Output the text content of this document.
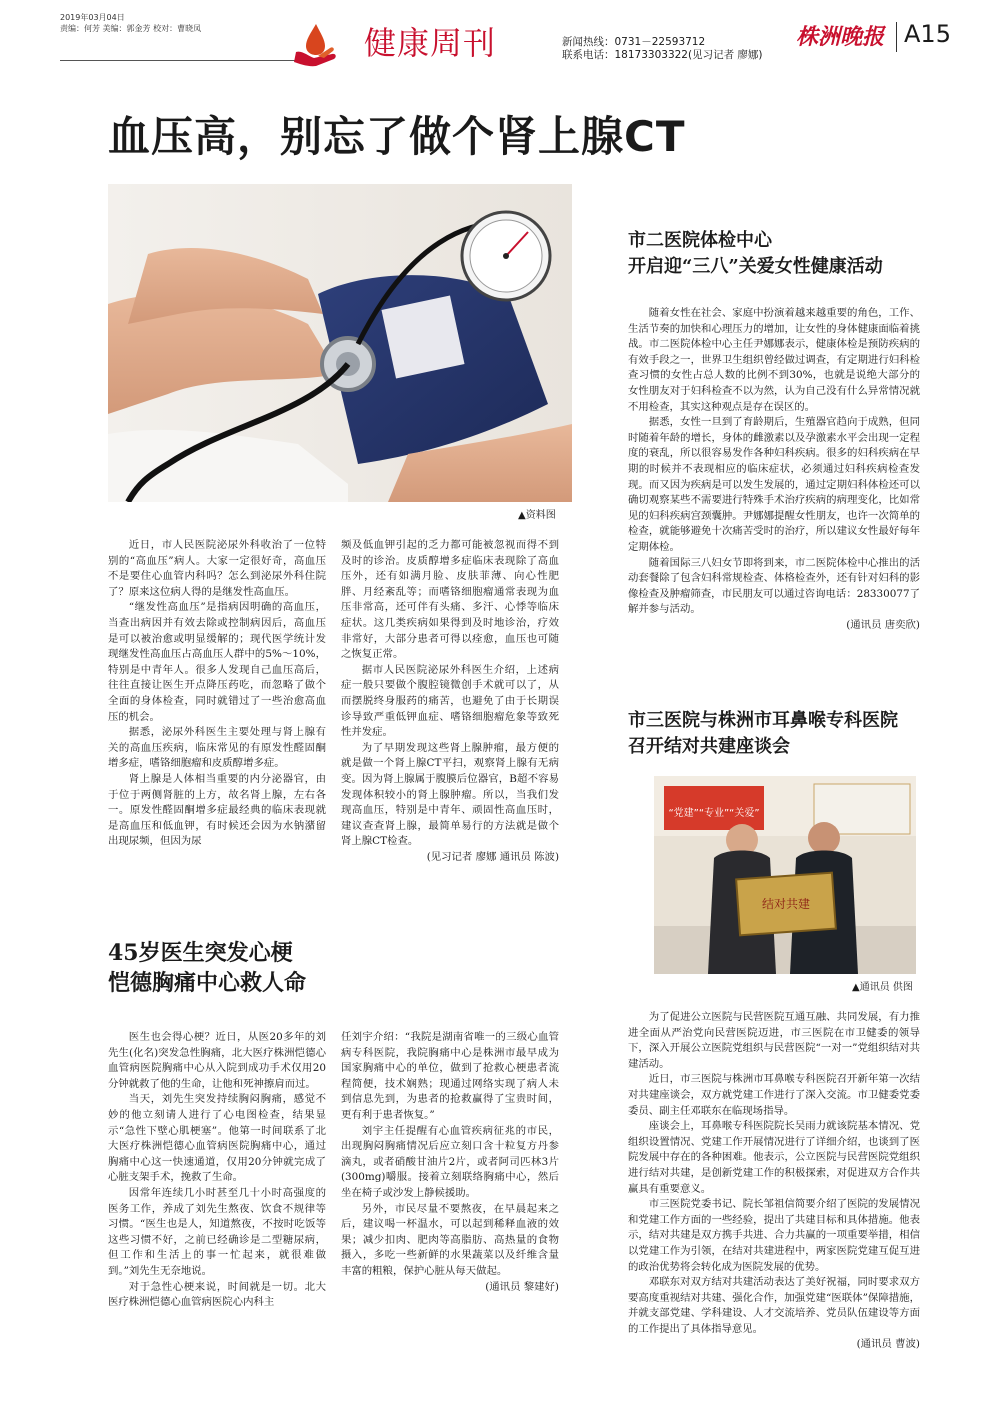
2019年03月04日
责编：何芳 美编：郭金芳 校对：曹晓凤	健康周刊	新闻热线：0731－22593712
联系电话：18173303322(见习记者 廖娜)
株洲晚报 A15
血压高，别忘了做个肾上腺CT
▲资料图

近日，市人民医院泌尿外科收治了一位特别的“高血压”病人。大家一定很好奇，高血压不是要住心血管内科吗？怎么到泌尿外科住院了？原来这位病人得的是继发性高血压。

“继发性高血压”是指病因明确的高血压，当查出病因并有效去除或控制病因后，高血压是可以被治愈或明显缓解的；现代医学统计发现继发性高血压占高血压人群中的5%～10%，特别是中青年人。很多人发现自己血压高后，往往直接让医生开点降压药吃，而忽略了做个全面的身体检查，同时就错过了一些治愈高血压的机会。

据悉，泌尿外科医生主要处理与肾上腺有关的高血压疾病，临床常见的有原发性醛固酮增多症，嗜铬细胞瘤和皮质醇增多症。

肾上腺是人体相当重要的内分泌器官，由于位于两侧肾脏的上方，故名肾上腺，左右各一。原发性醛固酮增多症最经典的临床表现就是高血压和低血钾，有时候还会因为水钠潴留出现尿频，但因为尿

频及低血钾引起的乏力都可能被忽视而得不到及时的诊治。皮质醇增多症临床表现除了高血压外，还有如满月脸、皮肤菲薄、向心性肥胖、月经紊乱等；而嗜铬细胞瘤通常表现为血压非常高，还可伴有头痛、多汗、心悸等临床症状。这几类疾病如果得到及时地诊治，疗效非常好，大部分患者可得以痊愈，血压也可随之恢复正常。

据市人民医院泌尿外科医生介绍，上述病症一般只要做个腹腔镜微创手术就可以了，从而摆脱终身服药的痛苦，也避免了由于长期误诊导致严重低钾血症、嗜铬细胞瘤危象等致死性并发症。

为了早期发现这些肾上腺肿瘤，最方便的就是做一个肾上腺CT平扫，观察肾上腺有无病变。因为肾上腺属于腹膜后位器官，B超不容易发现体积较小的肾上腺肿瘤。所以，当我们发现高血压，特别是中青年、顽固性高血压时，建议查查肾上腺，最简单易行的方法就是做个肾上腺CT检查。

(见习记者 廖娜 通讯员 陈波)

45岁医生突发心梗
恺德胸痛中心救人命

医生也会得心梗？近日，从医20多年的刘先生(化名)突发急性胸痛，北大医疗株洲恺德心血管病医院胸痛中心从入院到成功手术仅用20分钟就救了他的生命，让他和死神擦肩而过。

当天，刘先生突发持续胸闷胸痛，感觉不妙的他立刻请人进行了心电图检查，结果显示“急性下壁心肌梗塞”。他第一时间联系了北大医疗株洲恺德心血管病医院胸痛中心，通过胸痛中心这一快速通道，仅用20分钟就完成了心脏支架手术，挽救了生命。

因常年连续几小时甚至几十小时高强度的医务工作，养成了刘先生熬夜、饮食不规律等习惯。“医生也是人，知道熬夜，不按时吃饭等这些习惯不好，之前已经确诊是二型糖尿病，但工作和生活上的事一忙起来，就很难做到。”刘先生无奈地说。

对于急性心梗来说，时间就是一切。北大医疗株洲恺德心血管病医院心内科主

任刘宇介绍：“我院是湖南省唯一的三级心血管病专科医院，我院胸痛中心是株洲市最早成为国家胸痛中心的单位，做到了抢救心梗患者流程简便，技术娴熟；现通过网络实现了病人未到信息先到，为患者的抢救赢得了宝贵时间，更有利于患者恢复。”

刘宇主任提醒有心血管疾病征兆的市民，出现胸闷胸痛情况后应立刻口含十粒复方丹参滴丸，或者硝酸甘油片2片，或者阿司匹林3片(300mg)嚼服。接着立刻联络胸痛中心，然后坐在椅子或沙发上静候援助。

另外，市民尽量不要熬夜，在早晨起来之后，建议喝一杯温水，可以起到稀释血液的效果；减少扣肉、肥肉等高脂肪、高热量的食物摄入，多吃一些新鲜的水果蔬菜以及纤维含量丰富的粗粮，保护心脏从每天做起。

(通讯员 黎建好)

市二医院体检中心
开启迎“三八”关爱女性健康活动

随着女性在社会、家庭中扮演着越来越重要的角色，工作、生活节奏的加快和心理压力的增加，让女性的身体健康面临着挑战。市二医院体检中心主任尹娜娜表示，健康体检是预防疾病的有效手段之一，世界卫生组织曾经做过调查，有定期进行妇科检查习惯的女性占总人数的比例不到30%，也就是说绝大部分的女性朋友对于妇科检查不以为然，认为自己没有什么异常情况就不用检查，其实这种观点是存在误区的。

据悉，女性一旦到了育龄期后，生殖器官趋向于成熟，但同时随着年龄的增长，身体的雌激素以及孕激素水平会出现一定程度的衰乱，所以很容易发作各种妇科疾病。很多的妇科疾病在早期的时候并不表现相应的临床症状，必须通过妇科疾病检查发现。而又因为疾病是可以发生发展的，通过定期妇科体检还可以确切观察某些不需要进行特殊手术治疗疾病的病理变化，比如常见的妇科疾病宫颈囊肿。尹娜娜提醒女性朋友，也许一次简单的检查，就能够避免十次痛苦受时的治疗，所以建议女性最好每年定期体检。

随着国际三八妇女节即将到来，市二医院体检中心推出的活动套餐除了包含妇科常规检查、体格检查外，还有针对妇科的影像检查及肿瘤筛查，市民朋友可以通过咨询电话：28330077了解并参与活动。

(通讯员 唐奕欣)

市三医院与株洲市耳鼻喉专科医院
召开结对共建座谈会
“党建”“专业”“关爱”
结对共建
▲通讯员 供图

为了促进公立医院与民营医院互通互融、共同发展，有力推进全面从严治党向民营医院迈进，市三医院在市卫健委的领导下，深入开展公立医院党组织与民营医院“一对一”党组织结对共建活动。

近日，市三医院与株洲市耳鼻喉专科医院召开新年第一次结对共建座谈会，双方就党建工作进行了深入交流。市卫健委党委委员、副主任邓联东在临现场指导。

座谈会上，耳鼻喉专科医院院长吴雨力就该院基本情况、党组织设置情况、党建工作开展情况进行了详细介绍，也谈到了医院发展中存在的各种困难。他表示，公立医院与民营医院党组织进行结对共建，是创新党建工作的积极探索，对促进双方合作共赢具有重要意义。

市三医院党委书记、院长邹祖信简要介绍了医院的发展情况和党建工作方面的一些经验，提出了共建目标和具体措施。他表示，结对共建是双方携手共进、合力共赢的一项重要举措，相信以党建工作为引领，在结对共建进程中，两家医院党建互促互进的政治优势将会转化成为医院发展的优势。

邓联东对双方结对共建活动表达了美好祝福，同时要求双方要高度重视结对共建、强化合作，加强党建“医联体”保障措施，并就支部党建、学科建设、人才交流培养、党员队伍建设等方面的工作提出了具体指导意见。

(通讯员 曹波)
